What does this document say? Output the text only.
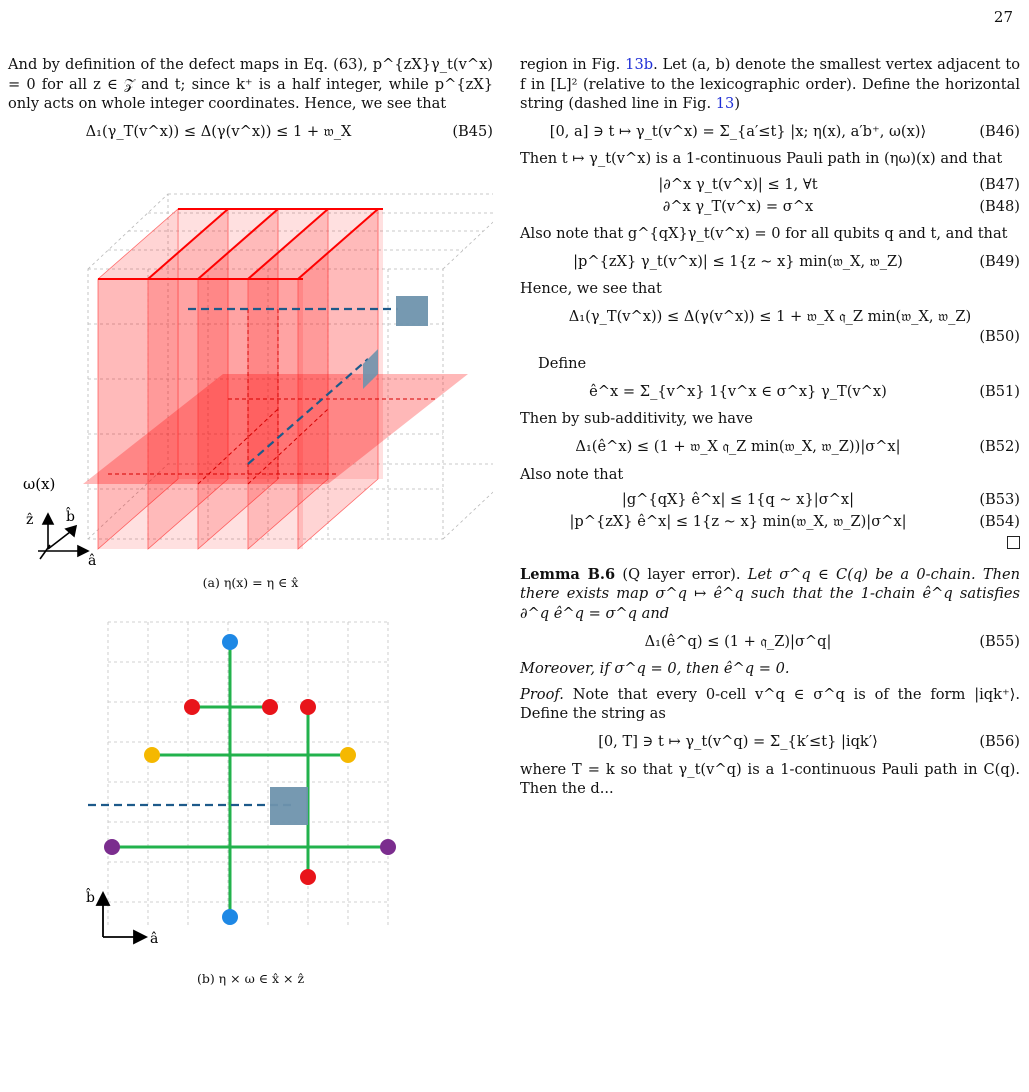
27

And by definition of the defect maps in Eq. (63), p^{zX}γ_t(v^x) = 0 for all z ∈ 𝒵 and t; since k⁺ is a half integer, while p^{zX} only acts on whole integer coordinates. Hence, we see that

Δ₁(γ_T(v^x)) ≤ Δ(γ(v^x)) ≤ 1 + 𝔴_X	(B45)
ω(x)
ẑ b̂
â
(a) η(x) = η ∈ x̂
b̂
â
(b) η × ω ∈ x̂ × ẑ

region in Fig. 13b. Let (a, b) denote the smallest vertex adjacent to f in [L]² (relative to the lexicographic order). Define the horizontal string (dashed line in Fig. 13)

[0, a] ∋ t ↦ γ_t(v^x) = Σ_{a′≤t} |x; η(x), a′b⁺, ω(x)⟩	(B46)

Then t ↦ γ_t(v^x) is a 1-continuous Pauli path in (ηω)(x) and that

|∂^x γ_t(v^x)| ≤ 1, ∀t	(B47)
∂^x γ_T(v^x) = σ^x	(B48)

Also note that g^{qX}γ_t(v^x) = 0 for all qubits q and t, and that

|p^{zX} γ_t(v^x)| ≤ 1{z ∼ x} min(𝔴_X, 𝔴_Z)	(B49)

Hence, we see that

Δ₁(γ_T(v^x)) ≤ Δ(γ(v^x)) ≤ 1 + 𝔴_X 𝔮_Z min(𝔴_X, 𝔴_Z)
(B50)

Define

ê^x = Σ_{v^x} 1{v^x ∈ σ^x} γ_T(v^x)	(B51)

Then by sub-additivity, we have

Δ₁(ê^x) ≤ (1 + 𝔴_X 𝔮_Z min(𝔴_X, 𝔴_Z))|σ^x|	(B52)

Also note that

|g^{qX} ê^x| ≤ 1{q ∼ x}|σ^x|	(B53)
|p^{zX} ê^x| ≤ 1{z ∼ x} min(𝔴_X, 𝔴_Z)|σ^x|	(B54)

Lemma B.6 (Q layer error). Let σ^q ∈ C(q) be a 0-chain. Then there exists map σ^q ↦ ê^q such that the 1-chain ê^q satisfies ∂^q ê^q = σ^q and

Δ₁(ê^q) ≤ (1 + 𝔮_Z)|σ^q|	(B55)

Moreover, if σ^q = 0, then ê^q = 0.

Proof. Note that every 0-cell v^q ∈ σ^q is of the form |iqk⁺⟩. Define the string as

[0, T] ∋ t ↦ γ_t(v^q) = Σ_{k′≤t} |iqk′⟩	(B56)

where T = k so that γ_t(v^q) is a 1-continuous Pauli path in C(q). Then the d...
